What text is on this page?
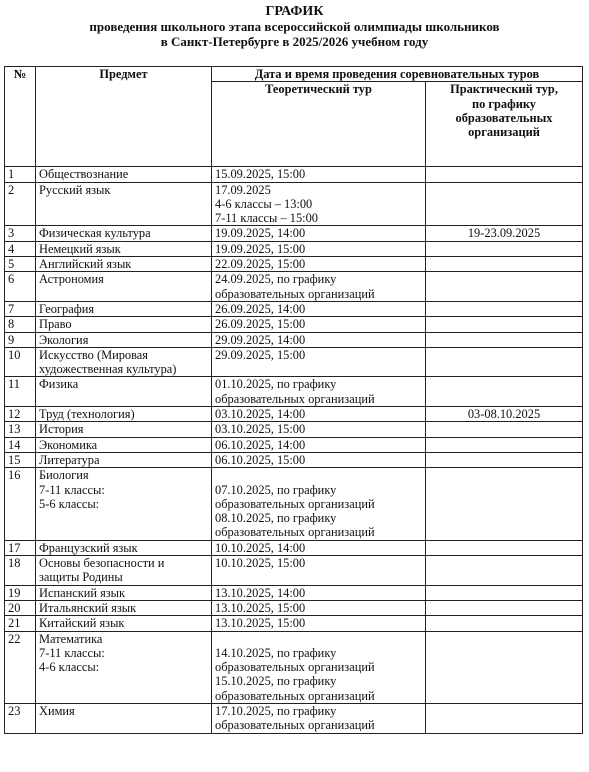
ГРАФИК
проведения школьного этапа всероссийской олимпиады школьников
в Санкт-Петербурге в 2025/2026 учебном году
№	Предмет	Дата и время проведения соревновательных туров	
		Теоретический тур	Практический тур,
по графику
образовательных
организаций

1	Обществознание	15.09.2025, 15:00	

2	Русский язык	17.09.2025
4-6 классы – 13:00
7-11 классы – 15:00	

3	Физическая культура	19.09.2025, 14:00	19-23.09.2025
4	Немецкий язык	19.09.2025, 15:00	

5	Английский язык	22.09.2025, 15:00	

6	Астрономия	24.09.2025, по графику
образовательных организаций	

7	География	26.09.2025, 14:00	

8	Право	26.09.2025, 15:00	

9	Экология	29.09.2025, 14:00	

10	Искусство (Мировая
художественная культура)	29.09.2025, 15:00	

11	Физика	01.10.2025, по графику
образовательных организаций	

12	Труд (технология)	03.10.2025, 14:00	03-08.10.2025
13	История	03.10.2025, 15:00	

14	Экономика	06.10.2025, 14:00	

15	Литература	06.10.2025, 15:00	

16	Биология
7-11 классы:
5-6 классы:	07.10.2025, по графику
образовательных организаций
08.10.2025, по графику
образовательных организаций	

17	Французский язык	10.10.2025, 14:00	

18	Основы безопасности и
защиты Родины	10.10.2025, 15:00	

19	Испанский язык	13.10.2025, 14:00	

20	Итальянский язык	13.10.2025, 15:00	

21	Китайский язык	13.10.2025, 15:00	

22	Математика
7-11 классы:
4-6 классы:	14.10.2025, по графику
образовательных организаций
15.10.2025, по графику
образовательных организаций	

23	Химия	17.10.2025, по графику
образовательных организаций	
